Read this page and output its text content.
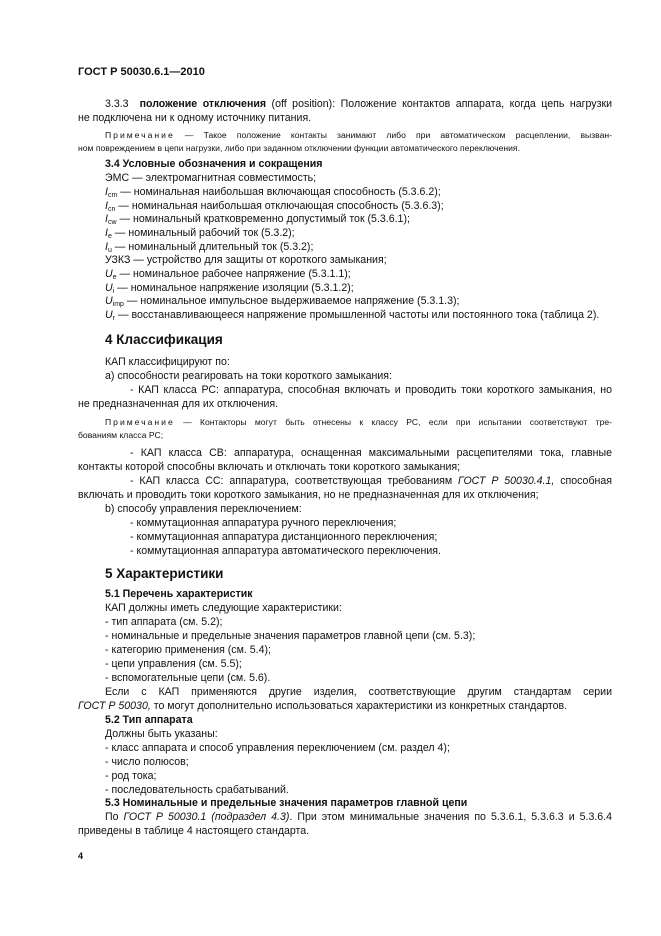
ГОСТ Р 50030.6.1—2010
3.3.3 положение отключения (off position): Положение контактов аппарата, когда цепь нагрузки
не подключена ни к одному источнику питания.
Примечание — Такое положение контакты занимают либо при автоматическом расцеплении, вызван-
ном повреждением в цепи нагрузки, либо при заданном отключении функции автоматического переключения.
3.4 Условные обозначения и сокращения
ЭМС — электромагнитная совместимость;
$I_{cm}$ — номинальная наибольшая включающая способность (5.3.6.2);
$I_{cn}$ — номинальная наибольшая отключающая способность (5.3.6.3);
$I_{cw}$ — номинальный кратковременно допустимый ток (5.3.6.1);
$I_e$ — номинальный рабочий ток (5.3.2);
$I_u$ — номинальный длительный ток (5.3.2);
УЗКЗ — устройство для защиты от короткого замыкания;
$U_e$ — номинальное рабочее напряжение (5.3.1.1);
$U_i$ — номинальное напряжение изоляции (5.3.1.2);
$U_{imp}$ — номинальное импульсное выдерживаемое напряжение (5.3.1.3);
$U_r$ — восстанавливающееся напряжение промышленной частоты или постоянного тока (таблица 2).
4 Классификация
КАП классифицируют по:
а) способности реагировать на токи короткого замыкания:
- КАП класса РС: аппаратура, способная включать и проводить токи короткого замыкания, но
не предназначенная для их отключения.
Примечание — Контакторы могут быть отнесены к классу РС, если при испытании соответствуют тре-
бованиям класса РС;
- КАП класса СВ: аппаратура, оснащенная максимальными расцепителями тока, главные
контакты которой способны включать и отключать токи короткого замыкания;
- КАП класса СС: аппаратура, соответствующая требованиям ГОСТ Р 50030.4.1, способная
включать и проводить токи короткого замыкания, но не предназначенная для их отключения;
b) способу управления переключением:
- коммутационная аппаратура ручного переключения;
- коммутационная аппаратура дистанционного переключения;
- коммутационная аппаратура автоматического переключения.
5 Характеристики
5.1 Перечень характеристик
КАП должны иметь следующие характеристики:
- тип аппарата (см. 5.2);
- номинальные и предельные значения параметров главной цепи (см. 5.3);
- категорию применения (см. 5.4);
- цепи управления (см. 5.5);
- вспомогательные цепи (см. 5.6).
Если с КАП применяются другие изделия, соответствующие другим стандартам серии
ГОСТ Р 50030, то могут дополнительно использоваться характеристики из конкретных стандартов.
5.2 Тип аппарата
Должны быть указаны:
- класс аппарата и способ управления переключением (см. раздел 4);
- число полюсов;
- род тока;
- последовательность срабатываний.
5.3 Номинальные и предельные значения параметров главной цепи
По ГОСТ Р 50030.1 (подраздел 4.3). При этом минимальные значения по 5.3.6.1, 5.3.6.3 и 5.3.6.4
приведены в таблице 4 настоящего стандарта.
4
